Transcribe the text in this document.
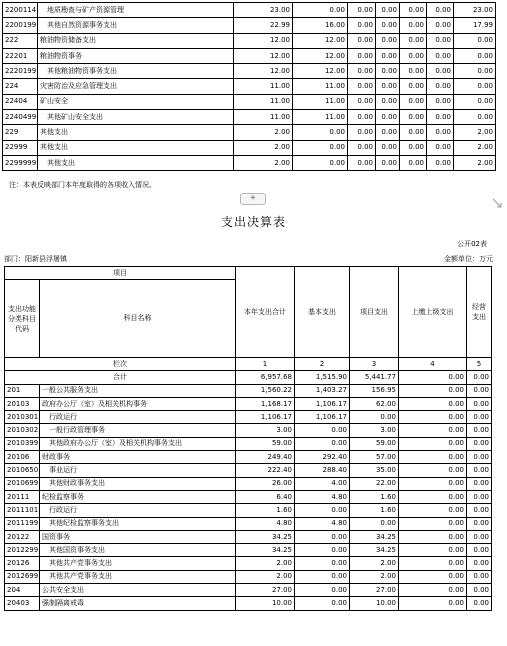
2200114	地质勘查与矿产资源管理	23.00	0.00	0.00	0.00	0.00	0.00	23.00
2200199	其他自然资源事务支出	22.99	16.00	0.00	0.00	0.00	0.00	17.99
222	粮油物资储备支出	12.00	12.00	0.00	0.00	0.00	0.00	0.00
22201	粮油物资事务	12.00	12.00	0.00	0.00	0.00	0.00	0.00
2220199	其他粮油物资事务支出	12.00	12.00	0.00	0.00	0.00	0.00	0.00
224	灾害防治及应急管理支出	11.00	11.00	0.00	0.00	0.00	0.00	0.00
22404	矿山安全	11.00	11.00	0.00	0.00	0.00	0.00	0.00
2240499	其他矿山安全支出	11.00	11.00	0.00	0.00	0.00	0.00	0.00
229	其他支出	2.00	0.00	0.00	0.00	0.00	0.00	2.00
22999	其他支出	2.00	0.00	0.00	0.00	0.00	0.00	2.00
2299999	其他支出	2.00	0.00	0.00	0.00	0.00	0.00	2.00
注：本表反映部门本年度取得的各项收入情况。
+
支出决算表
公开02表
部门：阳新县浮屠镇	金额单位：万元
项目		本年支出合计	基本支出	项目支出	上缴上级支出	经营支出	
支出功能分类科目代码	科目名称						

栏次		1	2	3	4	5	
合计		6,957.68	1,515.90	5,441.77	0.00	0.00	
201	一般公共服务支出	1,560.22	1,403.27	156.95	0.00	0.00	
20103	政府办公厅（室）及相关机构事务	1,168.17	1,106.17	62.00	0.00	0.00	
2010301	行政运行	1,106.17	1,106.17	0.00	0.00	0.00	
2010302	一般行政管理事务	3.00	0.00	3.00	0.00	0.00	
2010399	其他政府办公厅（室）及相关机构事务支出	59.00	0.00	59.00	0.00	0.00	
20106	财政事务	249.40	292.40	57.00	0.00	0.00	
2010650	事业运行	222.40	288.40	35.00	0.00	0.00	
2010699	其他财政事务支出	26.00	4.00	22.00	0.00	0.00	
20111	纪检监察事务	6.40	4.80	1.60	0.00	0.00	
2011101	行政运行	1.60	0.00	1.60	0.00	0.00	
2011199	其他纪检监察事务支出	4.80	4.80	0.00	0.00	0.00	
20122	国资事务	34.25	0.00	34.25	0.00	0.00	
2012299	其他国资事务支出	34.25	0.00	34.25	0.00	0.00	
20126	其他共产党事务支出	2.00	0.00	2.00	0.00	0.00	
2012699	其他共产党事务支出	2.00	0.00	2.00	0.00	0.00	
204	公共安全支出	27.00	0.00	27.00	0.00	0.00	
20403	强制隔离戒毒	10.00	0.00	10.00	0.00	0.00	
